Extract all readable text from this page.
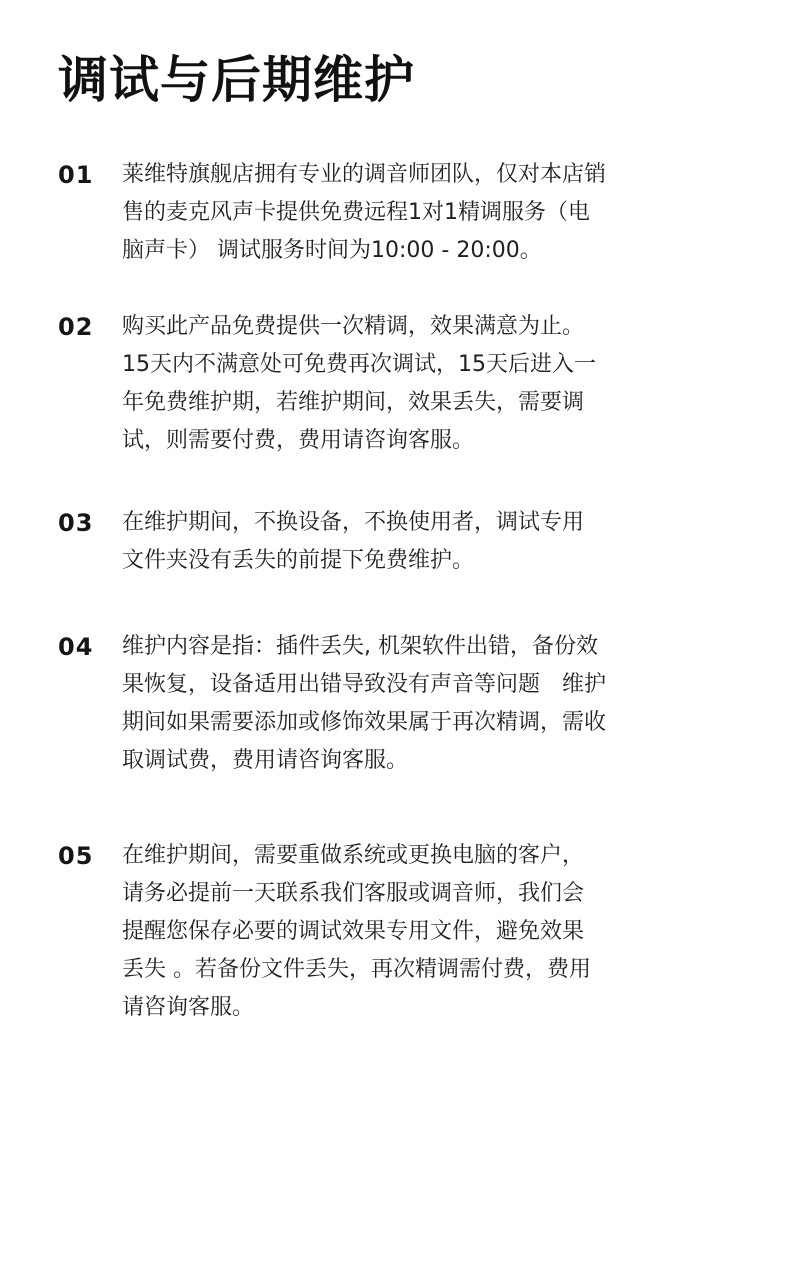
调试与后期维护
01 莱维特旗舰店拥有专业的调音师团队，仅对本店销
售的麦克风声卡提供免费远程1对1精调服务（电
脑声卡） 调试服务时间为10:00 - 20:00。
02 购买此产品免费提供一次精调，效果满意为止。
15天内不满意处可免费再次调试，15天后进入一
年免费维护期，若维护期间，效果丢失，需要调
试，则需要付费，费用请咨询客服。
03 在维护期间，不换设备，不换使用者，调试专用
文件夹没有丢失的前提下免费维护。
04 维护内容是指：插件丢失, 机架软件出错，备份效
果恢复，设备适用出错导致没有声音等问题　维护
期间如果需要添加或修饰效果属于再次精调，需收
取调试费，费用请咨询客服。
05 在维护期间，需要重做系统或更换电脑的客户，
请务必提前一天联系我们客服或调音师，我们会
提醒您保存必要的调试效果专用文件，避免效果
丢失 。若备份文件丢失，再次精调需付费，费用
请咨询客服。
